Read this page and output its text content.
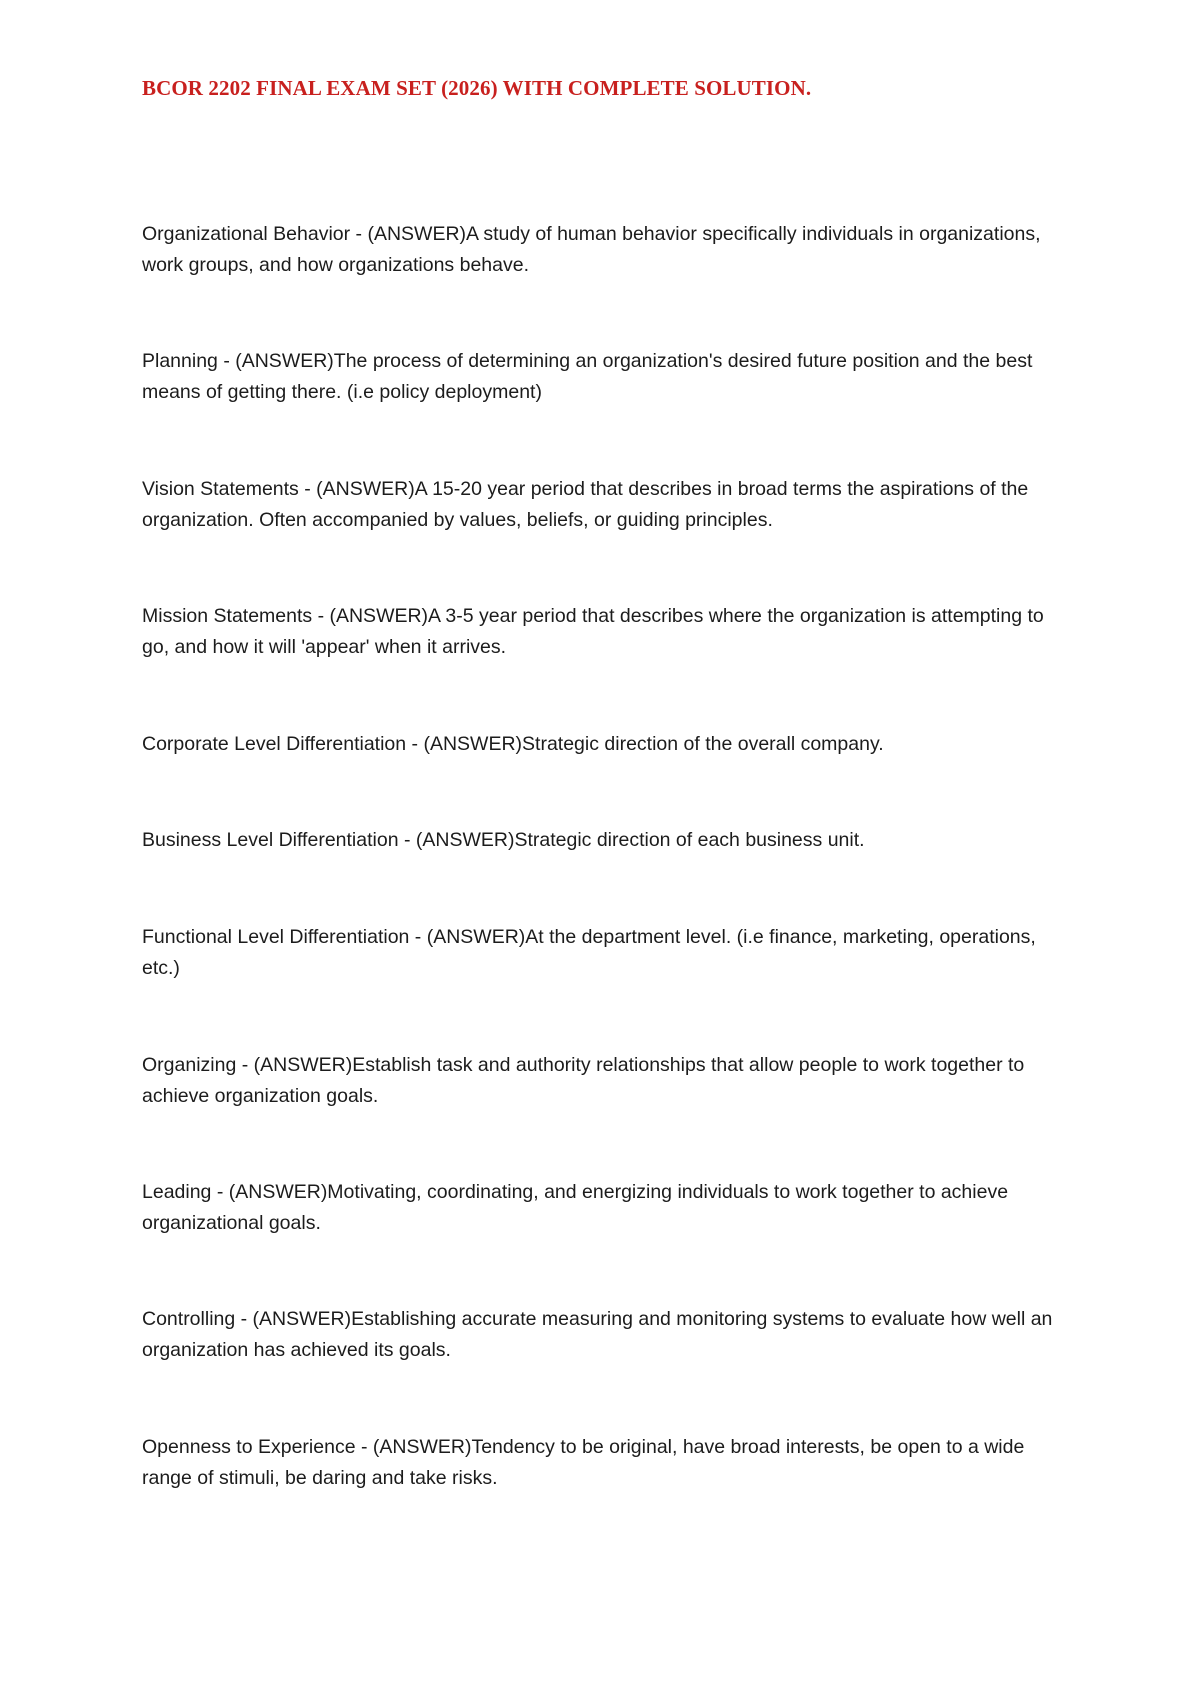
BCOR 2202 FINAL EXAM SET (2026) WITH COMPLETE SOLUTION.

Organizational Behavior - (ANSWER)A study of human behavior specifically individuals in organizations, work groups, and how organizations behave.

Planning - (ANSWER)The process of determining an organization's desired future position and the best means of getting there. (i.e policy deployment)

Vision Statements - (ANSWER)A 15-20 year period that describes in broad terms the aspirations of the organization. Often accompanied by values, beliefs, or guiding principles.

Mission Statements - (ANSWER)A 3-5 year period that describes where the organization is attempting to go, and how it will 'appear' when it arrives.

Corporate Level Differentiation - (ANSWER)Strategic direction of the overall company.

Business Level Differentiation - (ANSWER)Strategic direction of each business unit.

Functional Level Differentiation - (ANSWER)At the department level. (i.e finance, marketing, operations, etc.)

Organizing - (ANSWER)Establish task and authority relationships that allow people to work together to achieve organization goals.

Leading - (ANSWER)Motivating, coordinating, and energizing individuals to work together to achieve organizational goals.

Controlling - (ANSWER)Establishing accurate measuring and monitoring systems to evaluate how well an organization has achieved its goals.

Openness to Experience - (ANSWER)Tendency to be original, have broad interests, be open to a wide range of stimuli, be daring and take risks.
